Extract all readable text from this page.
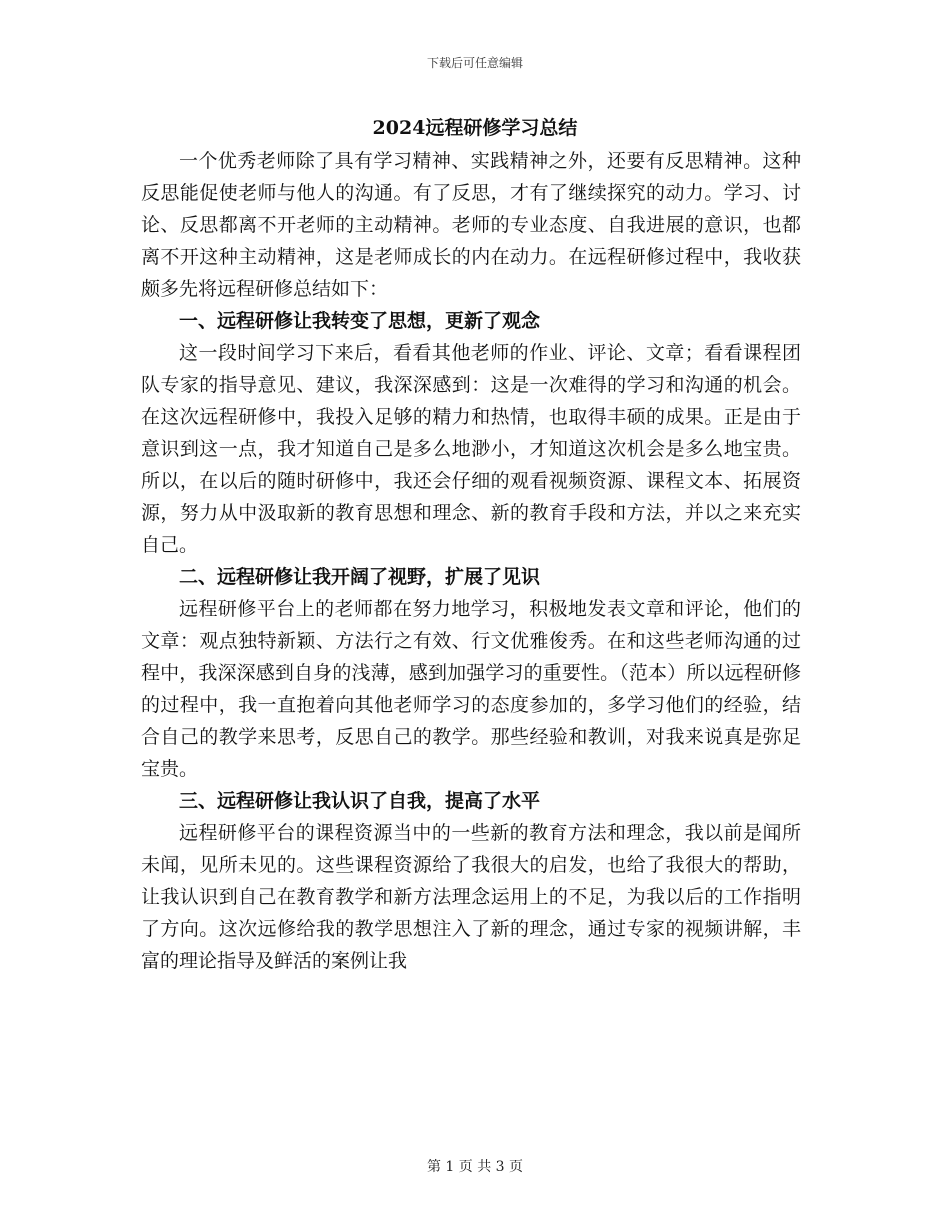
下载后可任意编辑
2024远程研修学习总结

一个优秀老师除了具有学习精神、实践精神之外，还要有反思精神。这种反思能促使老师与他人的沟通。有了反思，才有了继续探究的动力。学习、讨论、反思都离不开老师的主动精神。老师的专业态度、自我进展的意识，也都离不开这种主动精神，这是老师成长的内在动力。在远程研修过程中，我收获颇多先将远程研修总结如下：

一、远程研修让我转变了思想，更新了观念

这一段时间学习下来后，看看其他老师的作业、评论、文章；看看课程团队专家的指导意见、建议，我深深感到：这是一次难得的学习和沟通的机会。在这次远程研修中，我投入足够的精力和热情，也取得丰硕的成果。正是由于意识到这一点，我才知道自己是多么地渺小，才知道这次机会是多么地宝贵。所以，在以后的随时研修中，我还会仔细的观看视频资源、课程文本、拓展资源，努力从中汲取新的教育思想和理念、新的教育手段和方法，并以之来充实自己。

二、远程研修让我开阔了视野，扩展了见识

远程研修平台上的老师都在努力地学习，积极地发表文章和评论，他们的文章：观点独特新颖、方法行之有效、行文优雅俊秀。在和这些老师沟通的过程中，我深深感到自身的浅薄，感到加强学习的重要性。（范本）所以远程研修的过程中，我一直抱着向其他老师学习的态度参加的，多学习他们的经验，结合自己的教学来思考，反思自己的教学。那些经验和教训，对我来说真是弥足宝贵。

三、远程研修让我认识了自我，提高了水平

远程研修平台的课程资源当中的一些新的教育方法和理念，我以前是闻所未闻，见所未见的。这些课程资源给了我很大的启发，也给了我很大的帮助，让我认识到自己在教育教学和新方法理念运用上的不足，为我以后的工作指明了方向。这次远修给我的教学思想注入了新的理念，通过专家的视频讲解，丰富的理论指导及鲜活的案例让我

第 1 页 共 3 页
